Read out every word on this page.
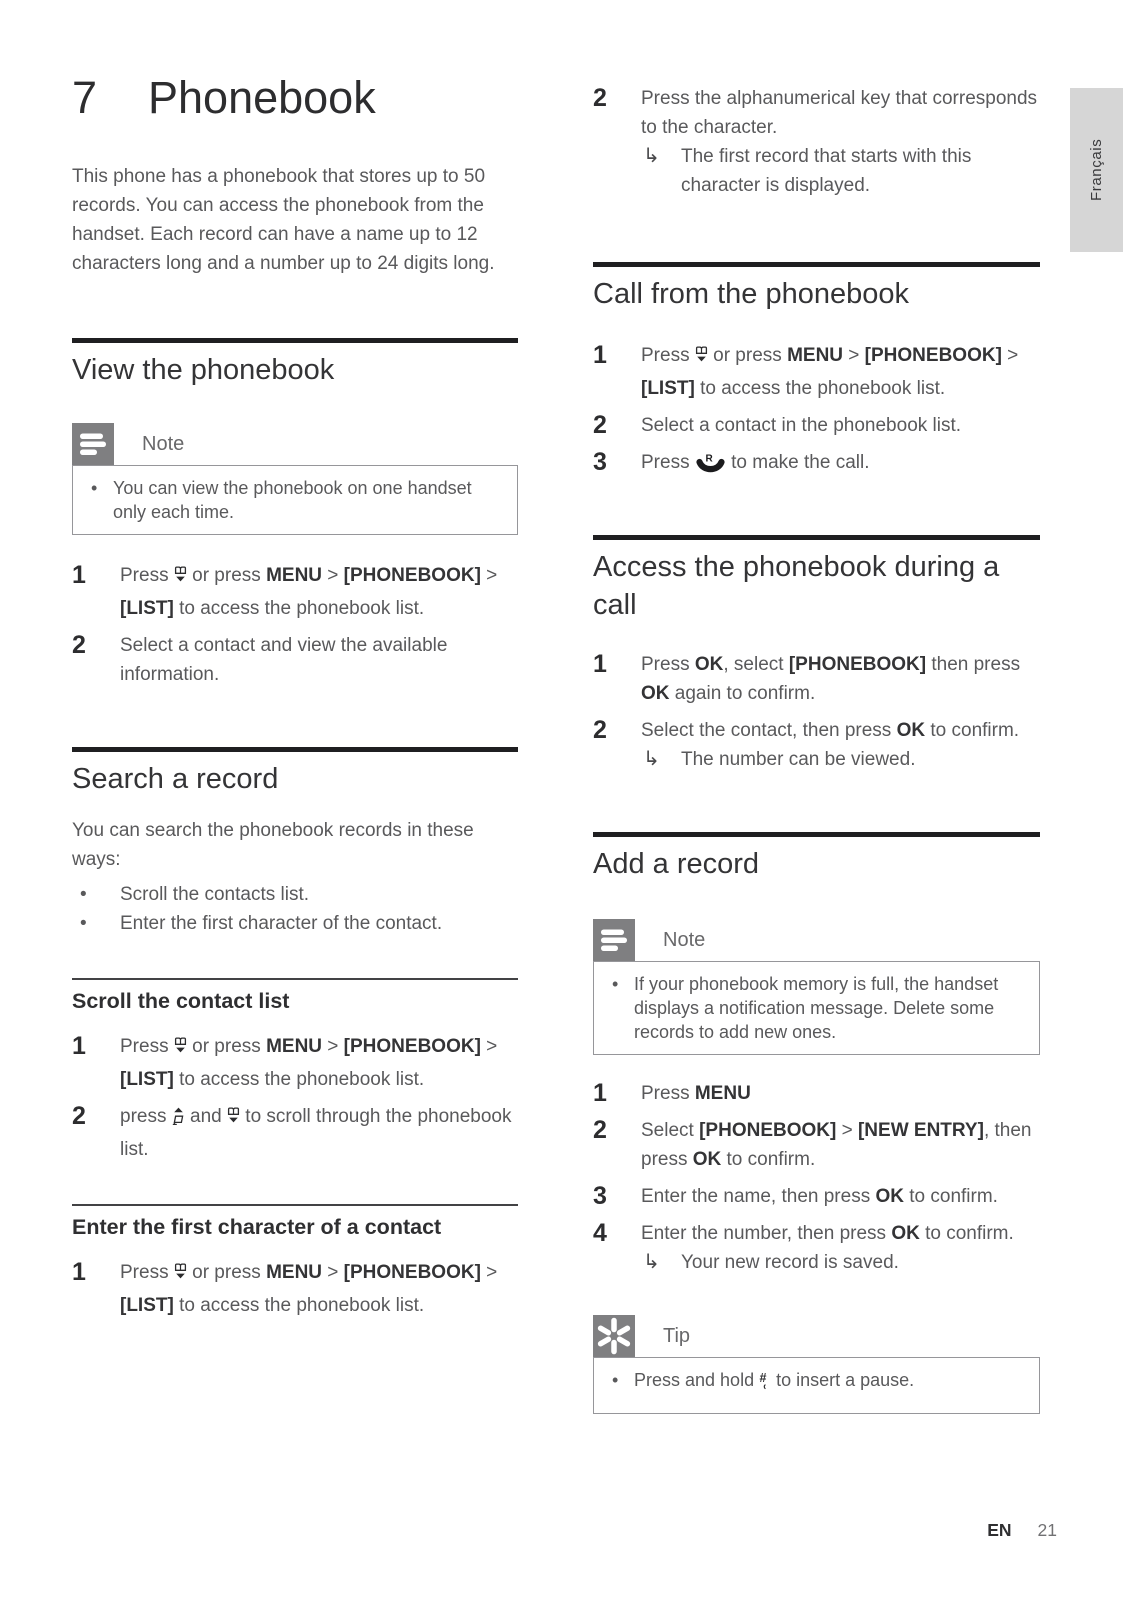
7 Phonebook

This phone has a phonebook that stores up to 50 records. You can access the phonebook from the handset. Each record can have a name up to 12 characters long and a number up to 24 digits long.

View the phonebook
Note
• You can view the phonebook on one handset only each time.
1	Press  or press MENU > [PHONEBOOK] > [LIST] to access the phonebook list.
2	Select a contact and view the available information.
Search a record

You can search the phonebook records in these ways:

•	Scroll the contacts list.
•	Enter the first character of the contact.
Scroll the contact list
1	Press  or press MENU > [PHONEBOOK] > [LIST] to access the phonebook list.
2	press  and  to scroll through the phonebook list.
Enter the first character of a contact
1	Press  or press MENU > [PHONEBOOK] > [LIST] to access the phonebook list.
2	Press the alphanumerical key that corresponds to the character.
↳	The first record that starts with this character is displayed.
Call from the phonebook
1	Press  or press MENU > [PHONEBOOK] > [LIST] to access the phonebook list.
2	Select a contact in the phonebook list.
3	Press R to make the call.
Access the phonebook during a call
1	Press OK, select [PHONEBOOK] then press OK again to confirm.
2	Select the contact, then press OK to confirm.
↳	The number can be viewed.
Add a record
Note
• If your phonebook memory is full, the handset displays a notification message. Delete some records to add new ones.
1	Press MENU
2	Select [PHONEBOOK] > [NEW ENTRY], then press OK to confirm.
3	Enter the name, then press OK to confirm.
4	Enter the number, then press OK to confirm.
↳	Your new record is saved.
Tip
• Press and hold # to insert a pause.
Français
EN 21
